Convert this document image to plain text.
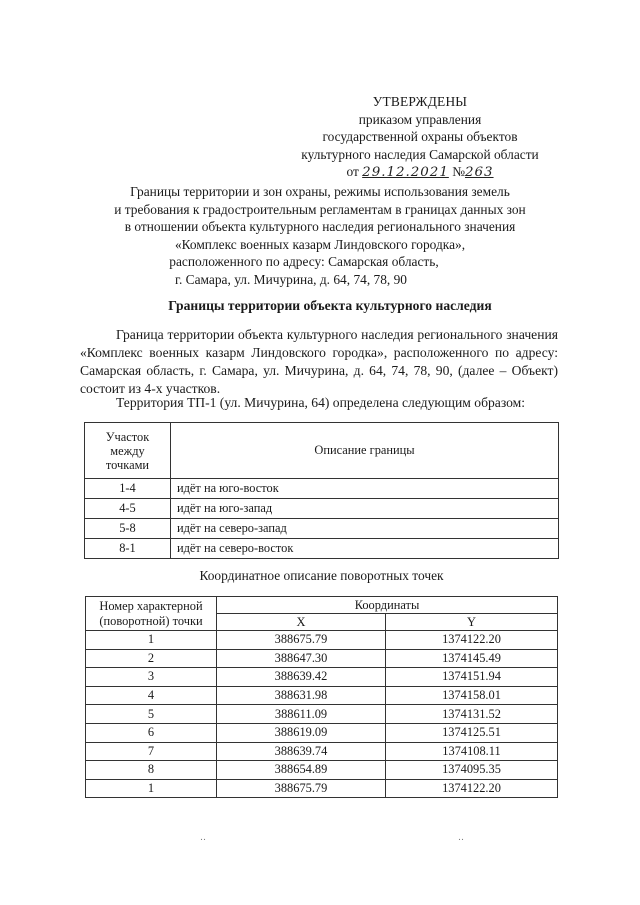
УТВЕРЖДЕНЫ
приказом управления
государственной охраны объектов
культурного наследия Самарской области
от 29.12.2021 №263
Границы территории и зон охраны, режимы использования земель
и требования к градостроительным регламентам в границах данных зон
в отношении объекта культурного наследия регионального значения
«Комплекс военных казарм Линдовского городка»,
расположенного по адресу: Самарская область,
г. Самара, ул. Мичурина, д. 64, 74, 78, 90
Границы территории объекта культурного наследия

Граница территории объекта культурного наследия регионального значения «Комплекс военных казарм Линдовского городка», расположенного по адресу: Самарская область, г. Самара, ул. Мичурина, д. 64, 74, 78, 90, (далее – Объект) состоит из 4-х участков.

Территория ТП-1 (ул. Мичурина, 64) определена следующим образом:
Участок между точками	Описание границы
1-4	идёт на юго-восток
4-5	идёт на юго-запад
5-8	идёт на северо-запад
8-1	идёт на северо-восток
Координатное описание поворотных точек
Номер характерной (поворотной) точки	Координаты	
	X	Y
1	388675.79	1374122.20
2	388647.30	1374145.49
3	388639.42	1374151.94
4	388631.98	1374158.01
5	388611.09	1374131.52
6	388619.09	1374125.51
7	388639.74	1374108.11
8	388654.89	1374095.35
1	388675.79	1374122.20
‥	‥
